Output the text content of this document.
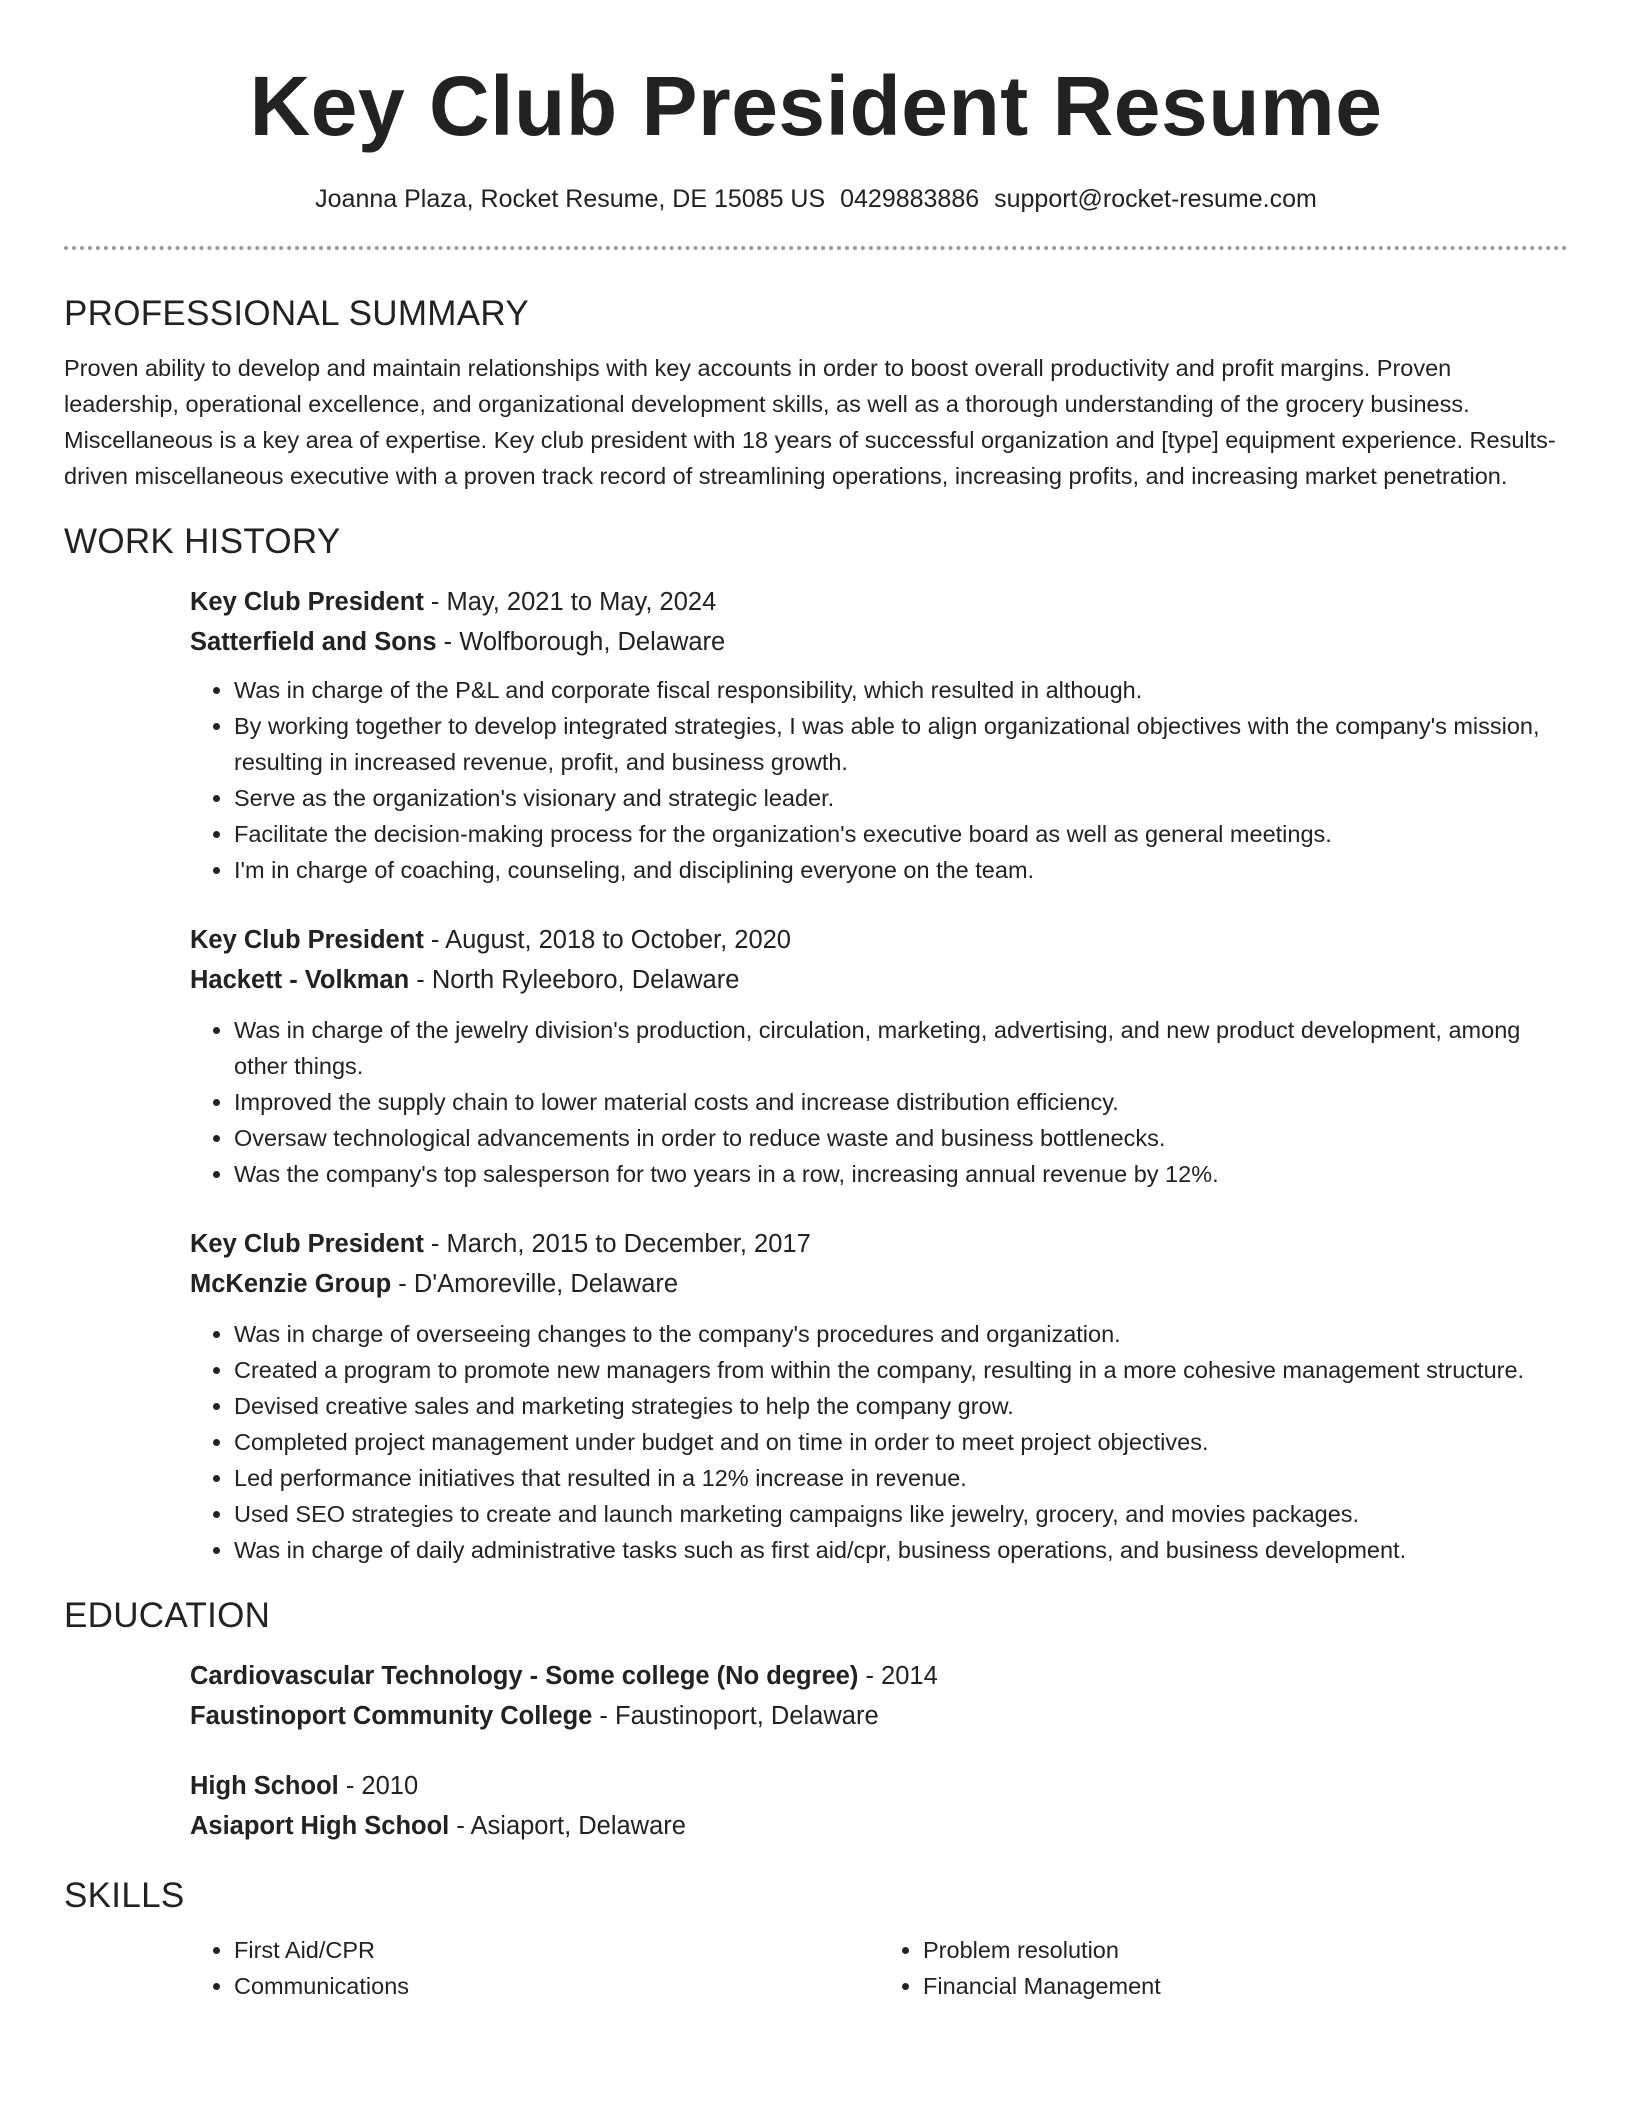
Key Club President Resume
Joanna Plaza, Rocket Resume, DE 15085 US 0429883886 support@rocket-resume.com
PROFESSIONAL SUMMARY

Proven ability to develop and maintain relationships with key accounts in order to boost overall productivity and profit margins. Proven leadership, operational excellence, and organizational development skills, as well as a thorough understanding of the grocery business. Miscellaneous is a key area of expertise. Key club president with 18 years of successful organization and [type] equipment experience. Results-driven miscellaneous executive with a proven track record of streamlining operations, increasing profits, and increasing market penetration.

WORK HISTORY
Key Club President - May, 2021 to May, 2024
Satterfield and Sons - Wolfborough, Delaware
• Was in charge of the P&L and corporate fiscal responsibility, which resulted in although.
• By working together to develop integrated strategies, I was able to align organizational objectives with the company's mission, resulting in increased revenue, profit, and business growth.
• Serve as the organization's visionary and strategic leader.
• Facilitate the decision-making process for the organization's executive board as well as general meetings.
• I'm in charge of coaching, counseling, and disciplining everyone on the team.
Key Club President - August, 2018 to October, 2020
Hackett - Volkman - North Ryleeboro, Delaware
• Was in charge of the jewelry division's production, circulation, marketing, advertising, and new product development, among other things.
• Improved the supply chain to lower material costs and increase distribution efficiency.
• Oversaw technological advancements in order to reduce waste and business bottlenecks.
• Was the company's top salesperson for two years in a row, increasing annual revenue by 12%.
Key Club President - March, 2015 to December, 2017
McKenzie Group - D'Amoreville, Delaware
• Was in charge of overseeing changes to the company's procedures and organization.
• Created a program to promote new managers from within the company, resulting in a more cohesive management structure.
• Devised creative sales and marketing strategies to help the company grow.
• Completed project management under budget and on time in order to meet project objectives.
• Led performance initiatives that resulted in a 12% increase in revenue.
• Used SEO strategies to create and launch marketing campaigns like jewelry, grocery, and movies packages.
• Was in charge of daily administrative tasks such as first aid/cpr, business operations, and business development.
EDUCATION
Cardiovascular Technology - Some college (No degree) - 2014
Faustinoport Community College - Faustinoport, Delaware
High School - 2010
Asiaport High School - Asiaport, Delaware
SKILLS
• First Aid/CPR
• Communications
• Problem resolution
• Financial Management
